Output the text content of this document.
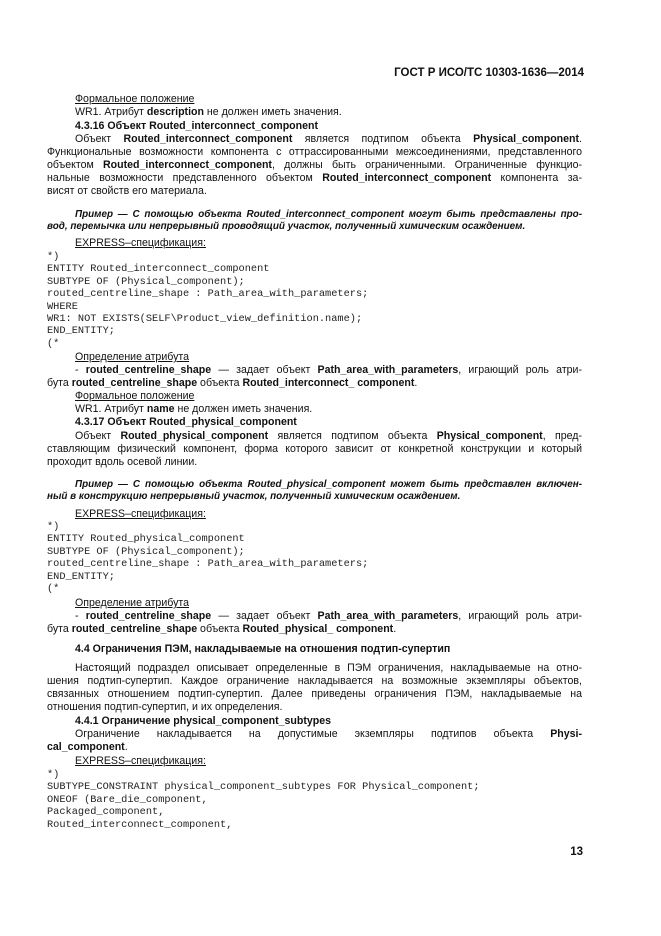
ГОСТ Р ИСО/ТС 10303-1636—2014
Формальное положение
WR1. Атрибут description не должен иметь значения.
4.3.16 Объект Routed_interconnect_component
Объект Routed_interconnect_component является подтипом объекта Physical_component.
Функциональные возможности компонента с оттрассированными межсоединениями, представленного
объектом Routed_interconnect_component, должны быть ограниченными. Ограниченные функцио-
нальные возможности представленного объектом Routed_interconnect_component компонента за-
висят от свойств его материала.
Пример — С помощью объекта Routed_interconnect_component могут быть представлены про-
вод, перемычка или непрерывный проводящий участок, полученный химическим осаждением.
EXPRESS–спецификация:
*)
ENTITY Routed_interconnect_component
SUBTYPE OF (Physical_component);
routed_centreline_shape : Path_area_with_parameters;
WHERE
WR1: NOT EXISTS(SELF\Product_view_definition.name);
END_ENTITY;
(*
Определение атрибута
- routed_centreline_shape — задает объект Path_area_with_parameters, играющий роль атри-
бута routed_centreline_shape объекта Routed_interconnect_ component.
Формальное положение
WR1. Атрибут name не должен иметь значения.
4.3.17 Объект Routed_physical_component
Объект Routed_physical_component является подтипом объекта Physical_component, пред-
ставляющим физический компонент, форма которого зависит от конкретной конструкции и который
проходит вдоль осевой линии.
Пример — С помощью объекта Routed_physical_component может быть представлен включен-
ный в конструкцию непрерывный участок, полученный химическим осаждением.
EXPRESS–спецификация:
*)
ENTITY Routed_physical_component
SUBTYPE OF (Physical_component);
routed_centreline_shape : Path_area_with_parameters;
END_ENTITY;
(*
Определение атрибута
- routed_centreline_shape — задает объект Path_area_with_parameters, играющий роль атри-
бута routed_centreline_shape объекта Routed_physical_ component.
4.4 Ограничения ПЭМ, накладываемые на отношения подтип-супертип
Настоящий подраздел описывает определенные в ПЭМ ограничения, накладываемые на отно-
шения подтип-супертип. Каждое ограничение накладывается на возможные экземпляры объектов,
связанных отношением подтип-супертип. Далее приведены ограничения ПЭМ, накладываемые на
отношения подтип-супертип, и их определения.
4.4.1 Ограничение physical_component_subtypes
Ограничение накладывается на допустимые экземпляры подтипов объекта Physi-
cal_component.
EXPRESS–спецификация:
*)
SUBTYPE_CONSTRAINT physical_component_subtypes FOR Physical_component;
ONEOF (Bare_die_component,
Packaged_component,
Routed_interconnect_component,
13
